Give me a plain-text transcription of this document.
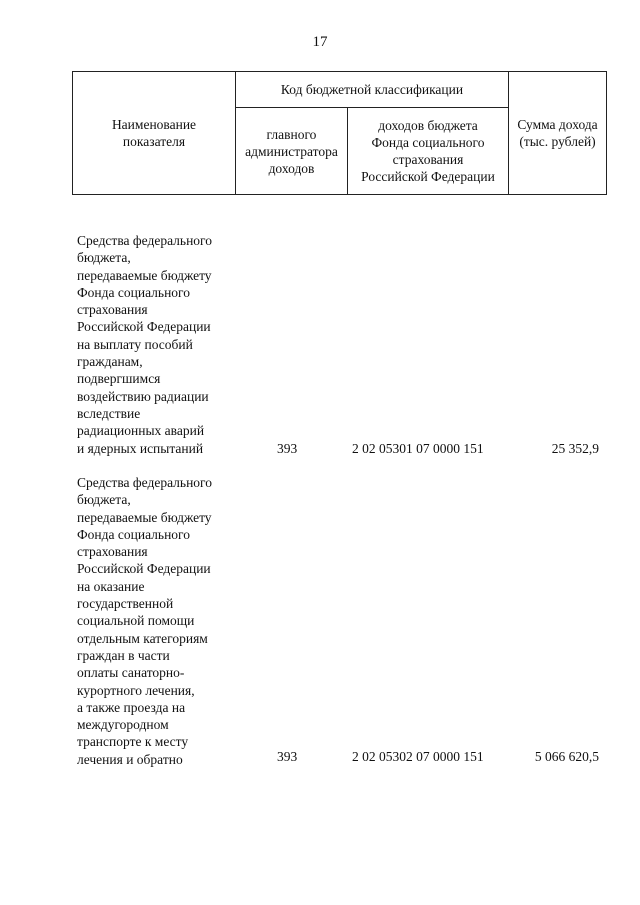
17
Наименование показателя
Код бюджетной классификации
главного администратора доходов
доходов бюджета Фонда социального страхования Российской Федерации
Сумма дохода (тыс. рублей)
Средства федерального
бюджета,
передаваемые бюджету
Фонда социального
страхования
Российской Федерации
на выплату пособий
гражданам,
подвергшимся
воздействию радиации
вследствие
радиационных аварий
и ядерных испытаний	393	2 02 05301 07 0000 151	25 352,9
Средства федерального
бюджета,
передаваемые бюджету
Фонда социального
страхования
Российской Федерации
на оказание
государственной
социальной помощи
отдельным категориям
граждан в части
оплаты санаторно-
курортного лечения,
а также проезда на
междугородном
транспорте к месту
лечения и обратно	393	2 02 05302 07 0000 151	5 066 620,5
